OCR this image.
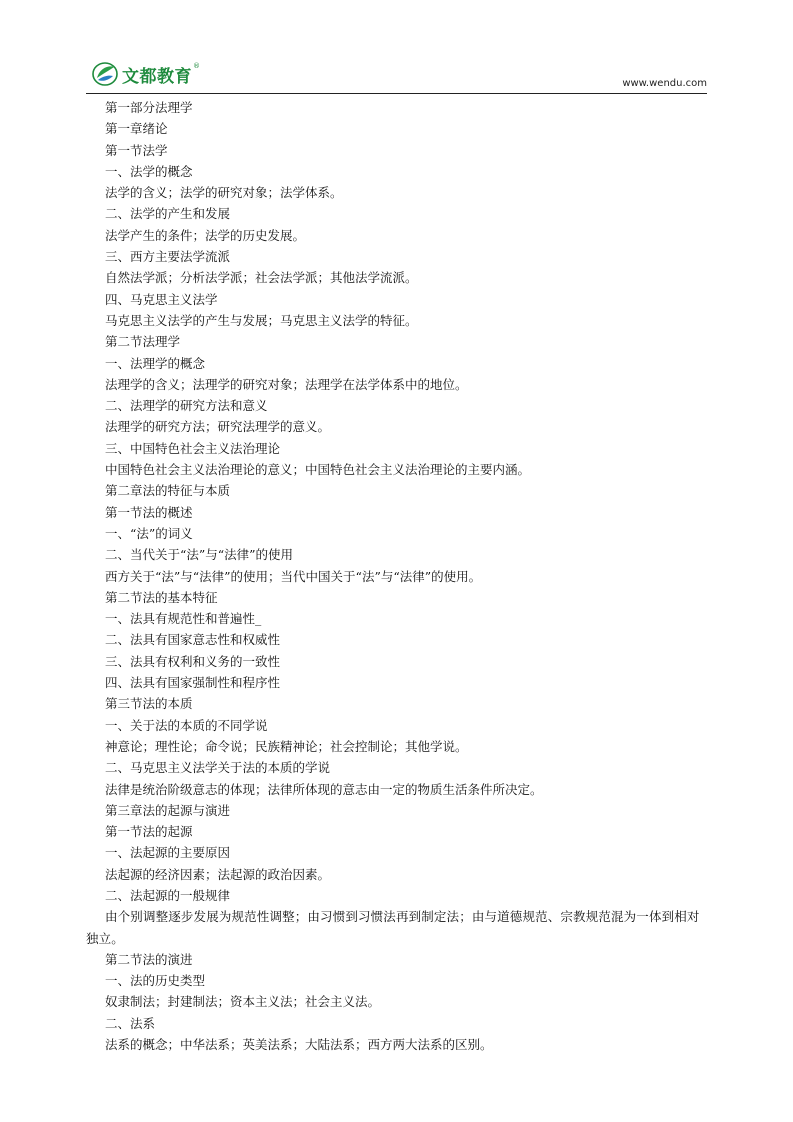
文都教育
®
www.wendu.com

第一部分法理学

第一章绪论

第一节法学

一、法学的概念

法学的含义；法学的研究对象；法学体系。

二、法学的产生和发展

法学产生的条件；法学的历史发展。

三、西方主要法学流派

自然法学派；分析法学派；社会法学派；其他法学流派。

四、马克思主义法学

马克思主义法学的产生与发展；马克思主义法学的特征。

第二节法理学

一、法理学的概念

法理学的含义；法理学的研究对象；法理学在法学体系中的地位。

二、法理学的研究方法和意义

法理学的研究方法；研究法理学的意义。

三、中国特色社会主义法治理论

中国特色社会主义法治理论的意义；中国特色社会主义法治理论的主要内涵。

第二章法的特征与本质

第一节法的概述

一、“法”的词义

二、当代关于“法”与“法律”的使用

西方关于“法”与“法律”的使用；当代中国关于“法”与“法律”的使用。

第二节法的基本特征

一、法具有规范性和普遍性_

二、法具有国家意志性和权威性

三、法具有权利和义务的一致性

四、法具有国家强制性和程序性

第三节法的本质

一、关于法的本质的不同学说

神意论；理性论；命令说；民族精神论；社会控制论；其他学说。

二、马克思主义法学关于法的本质的学说

法律是统治阶级意志的体现；法律所体现的意志由一定的物质生活条件所决定。

第三章法的起源与演进

第一节法的起源

一、法起源的主要原因

法起源的经济因素；法起源的政治因素。

二、法起源的一般规律

由个别调整逐步发展为规范性调整；由习惯到习惯法再到制定法；由与道德规范、宗教规范混为一体到相对独立。

第二节法的演进

一、法的历史类型

奴隶制法；封建制法；资本主义法；社会主义法。

二、法系

法系的概念；中华法系；英美法系；大陆法系；西方两大法系的区别。
